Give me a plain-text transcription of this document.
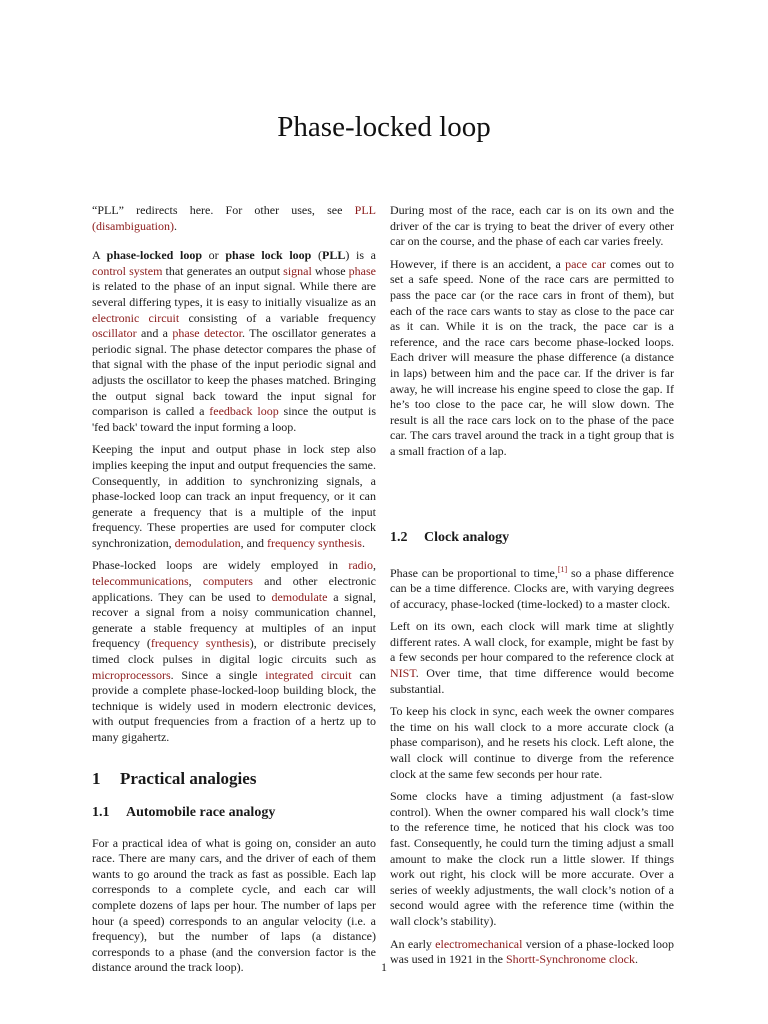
Phase-locked loop

“PLL” redirects here. For other uses, see PLL (disambiguation).

A phase-locked loop or phase lock loop (PLL) is a control system that generates an output signal whose phase is related to the phase of an input signal. While there are several differing types, it is easy to initially visualize as an electronic circuit consisting of a variable frequency oscillator and a phase detector. The oscillator generates a periodic signal. The phase detector compares the phase of that signal with the phase of the input periodic signal and adjusts the oscillator to keep the phases matched. Bringing the output signal back toward the input signal for comparison is called a feedback loop since the output is 'fed back' toward the input forming a loop.

Keeping the input and output phase in lock step also implies keeping the input and output frequencies the same. Consequently, in addition to synchronizing signals, a phase-locked loop can track an input frequency, or it can generate a frequency that is a multiple of the input frequency. These properties are used for computer clock synchronization, demodulation, and frequency synthesis.

Phase-locked loops are widely employed in radio, telecommunications, computers and other electronic applications. They can be used to demodulate a signal, recover a signal from a noisy communication channel, generate a stable frequency at multiples of an input frequency (frequency synthesis), or distribute precisely timed clock pulses in digital logic circuits such as microprocessors. Since a single integrated circuit can provide a complete phase-locked-loop building block, the technique is widely used in modern electronic devices, with output frequencies from a fraction of a hertz up to many gigahertz.

1 Practical analogies
1.1 Automobile race analogy

For a practical idea of what is going on, consider an auto race. There are many cars, and the driver of each of them wants to go around the track as fast as possible. Each lap corresponds to a complete cycle, and each car will complete dozens of laps per hour. The number of laps per hour (a speed) corresponds to an angular velocity (i.e. a frequency), but the number of laps (a distance) corresponds to a phase (and the conversion factor is the distance around the track loop).

During most of the race, each car is on its own and the driver of the car is trying to beat the driver of every other car on the course, and the phase of each car varies freely.

However, if there is an accident, a pace car comes out to set a safe speed. None of the race cars are permitted to pass the pace car (or the race cars in front of them), but each of the race cars wants to stay as close to the pace car as it can. While it is on the track, the pace car is a reference, and the race cars become phase-locked loops. Each driver will measure the phase difference (a distance in laps) between him and the pace car. If the driver is far away, he will increase his engine speed to close the gap. If he’s too close to the pace car, he will slow down. The result is all the race cars lock on to the phase of the pace car. The cars travel around the track in a tight group that is a small fraction of a lap.

1.2 Clock analogy

Phase can be proportional to time,[1] so a phase difference can be a time difference. Clocks are, with varying degrees of accuracy, phase-locked (time-locked) to a master clock.

Left on its own, each clock will mark time at slightly different rates. A wall clock, for example, might be fast by a few seconds per hour compared to the reference clock at NIST. Over time, that time difference would become substantial.

To keep his clock in sync, each week the owner compares the time on his wall clock to a more accurate clock (a phase comparison), and he resets his clock. Left alone, the wall clock will continue to diverge from the reference clock at the same few seconds per hour rate.

Some clocks have a timing adjustment (a fast-slow control). When the owner compared his wall clock’s time to the reference time, he noticed that his clock was too fast. Consequently, he could turn the timing adjust a small amount to make the clock run a little slower. If things work out right, his clock will be more accurate. Over a series of weekly adjustments, the wall clock’s notion of a second would agree with the reference time (within the wall clock’s stability).

An early electromechanical version of a phase-locked loop was used in 1921 in the Shortt-Synchronome clock.

1
